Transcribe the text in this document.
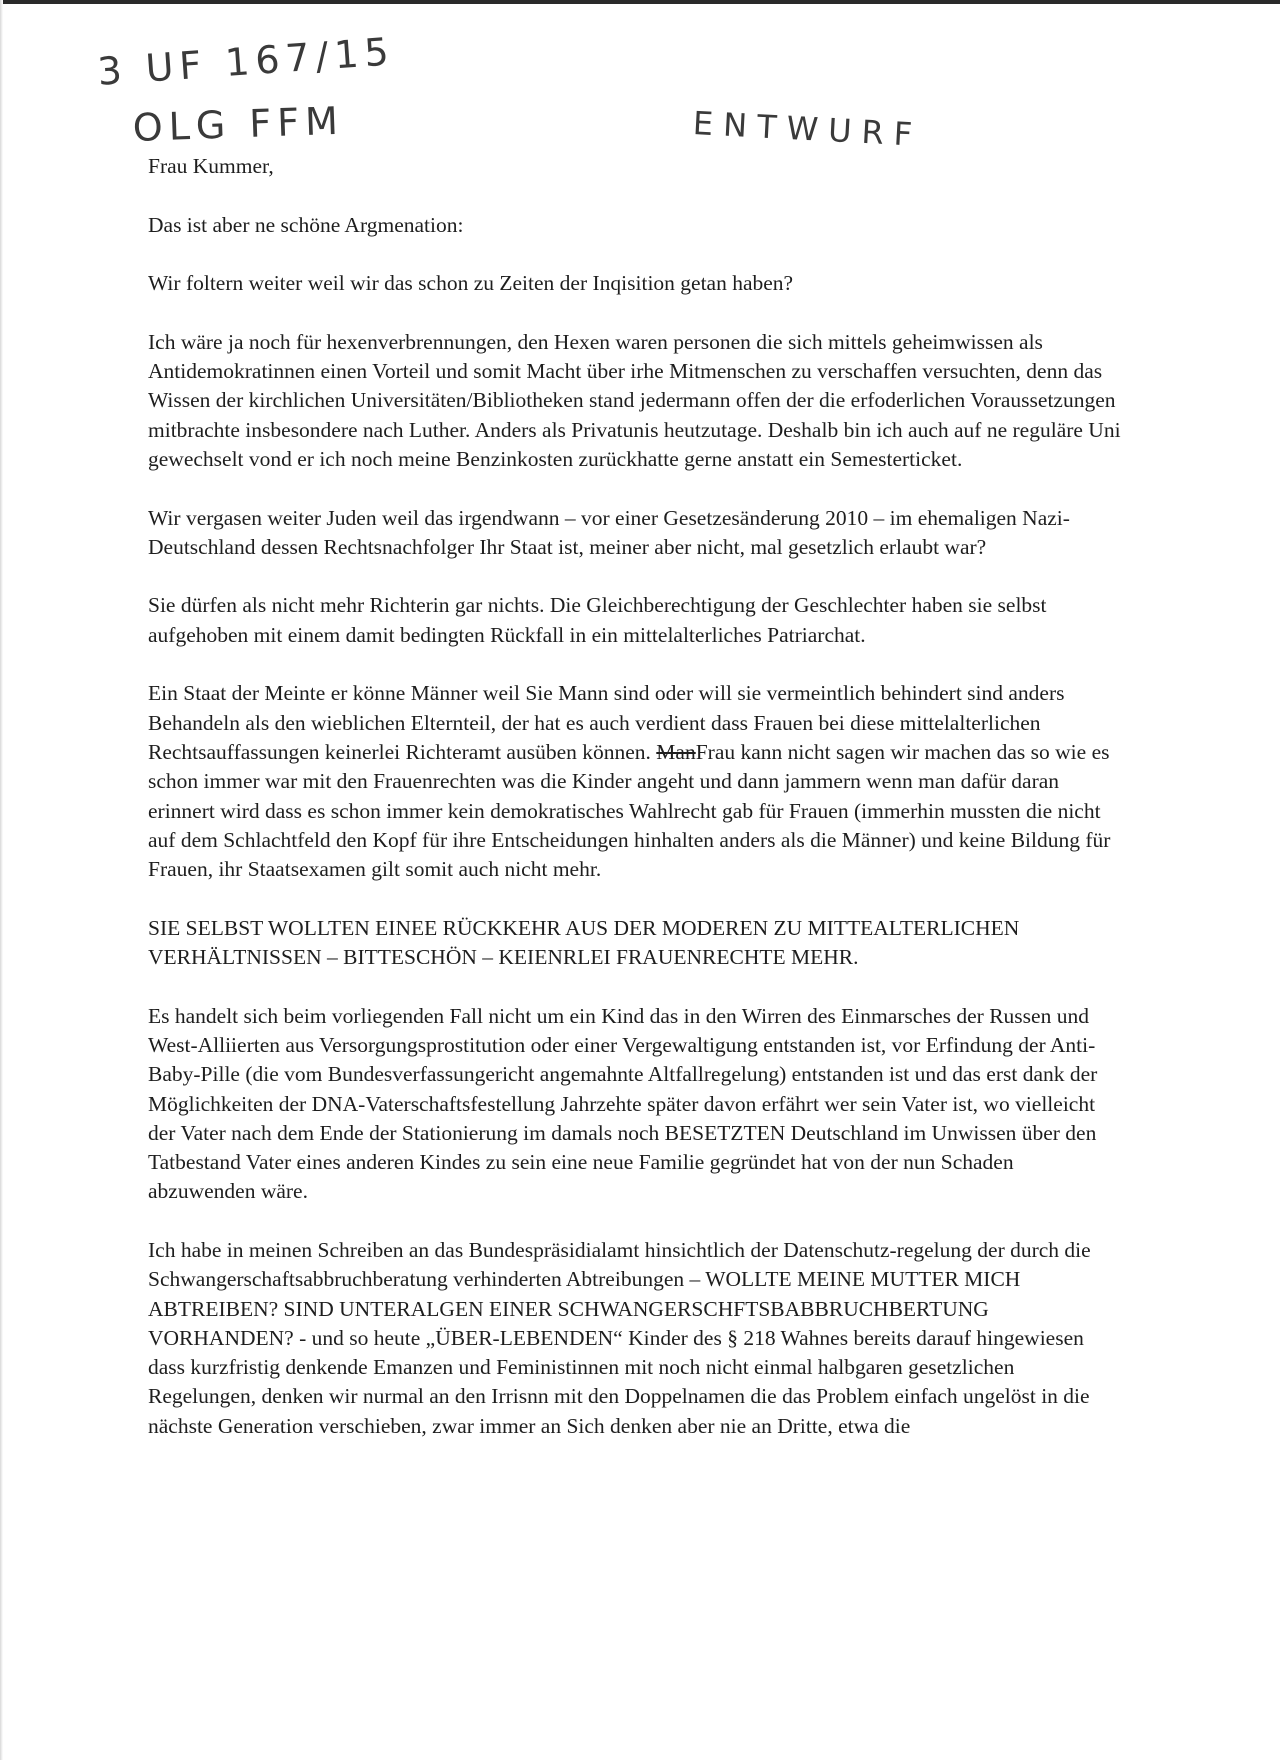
3 UF 167/15
OLG FFM	ENTWURF

Frau Kummer,

Das ist aber ne schöne Argmenation:

Wir foltern weiter weil wir das schon zu Zeiten der Inqisition getan haben?

Ich wäre ja noch für hexenverbrennungen, den Hexen waren personen die sich mittels geheimwissen als Antidemokratinnen einen Vorteil und somit Macht über irhe Mitmenschen zu verschaffen versuchten, denn das Wissen der kirchlichen Universitäten/Bibliotheken stand jedermann offen der die erfoderlichen Voraussetzungen mitbrachte insbesondere nach Luther. Anders als Privatunis heutzutage. Deshalb bin ich auch auf ne reguläre Uni gewechselt vond er ich noch meine Benzinkosten zurückhatte gerne anstatt ein Semesterticket.

Wir vergasen weiter Juden weil das irgendwann – vor einer Gesetzesänderung 2010 – im ehemaligen Nazi-Deutschland dessen Rechtsnachfolger Ihr Staat ist, meiner aber nicht, mal gesetzlich erlaubt war?

Sie dürfen als nicht mehr Richterin gar nichts. Die Gleichberechtigung der Geschlechter haben sie selbst aufgehoben mit einem damit bedingten Rückfall in ein mittelalterliches Patriarchat.

Ein Staat der Meinte er könne Männer weil Sie Mann sind oder will sie vermeintlich behindert sind anders Behandeln als den wieblichen Elternteil, der hat es auch verdient dass Frauen bei diese mittelalterlichen Rechtsauffassungen keinerlei Richteramt ausüben können. ManFrau kann nicht sagen wir machen das so wie es schon immer war mit den Frauenrechten was die Kinder angeht und dann jammern wenn man dafür daran erinnert wird dass es schon immer kein demokratisches Wahlrecht gab für Frauen (immerhin mussten die nicht auf dem Schlachtfeld den Kopf für ihre Entscheidungen hinhalten anders als die Männer) und keine Bildung für Frauen, ihr Staatsexamen gilt somit auch nicht mehr.

SIE SELBST WOLLTEN EINEE RÜCKKEHR AUS DER MODEREN ZU MITTEALTERLICHEN VERHÄLTNISSEN – BITTESCHÖN – KEIENRLEI FRAUENRECHTE MEHR.

Es handelt sich beim vorliegenden Fall nicht um ein Kind das in den Wirren des Einmarsches der Russen und West-Alliierten aus Versorgungsprostitution oder einer Vergewaltigung entstanden ist, vor Erfindung der Anti-Baby-Pille (die vom Bundesverfassungericht angemahnte Altfallregelung) entstanden ist und das erst dank der Möglichkeiten der DNA-Vaterschaftsfestellung Jahrzehte später davon erfährt wer sein Vater ist, wo vielleicht der Vater nach dem Ende der Stationierung im damals noch BESETZTEN Deutschland im Unwissen über den Tatbestand Vater eines anderen Kindes zu sein eine neue Familie gegründet hat von der nun Schaden abzuwenden wäre.

Ich habe in meinen Schreiben an das Bundespräsidialamt hinsichtlich der Datenschutz-regelung der durch die Schwangerschaftsabbruchberatung verhinderten Abtreibungen – WOLLTE MEINE MUTTER MICH ABTREIBEN? SIND UNTERALGEN EINER SCHWANGERSCHFTSBABBRUCHBERTUNG VORHANDEN? - und so heute „ÜBER-LEBENDEN“ Kinder des § 218 Wahnes bereits darauf hingewiesen dass kurzfristig denkende Emanzen und Feministinnen mit noch nicht einmal halbgaren gesetzlichen Regelungen, denken wir nurmal an den Irrisnn mit den Doppelnamen die das Problem einfach ungelöst in die nächste Generation verschieben, zwar immer an Sich denken aber nie an Dritte, etwa die
